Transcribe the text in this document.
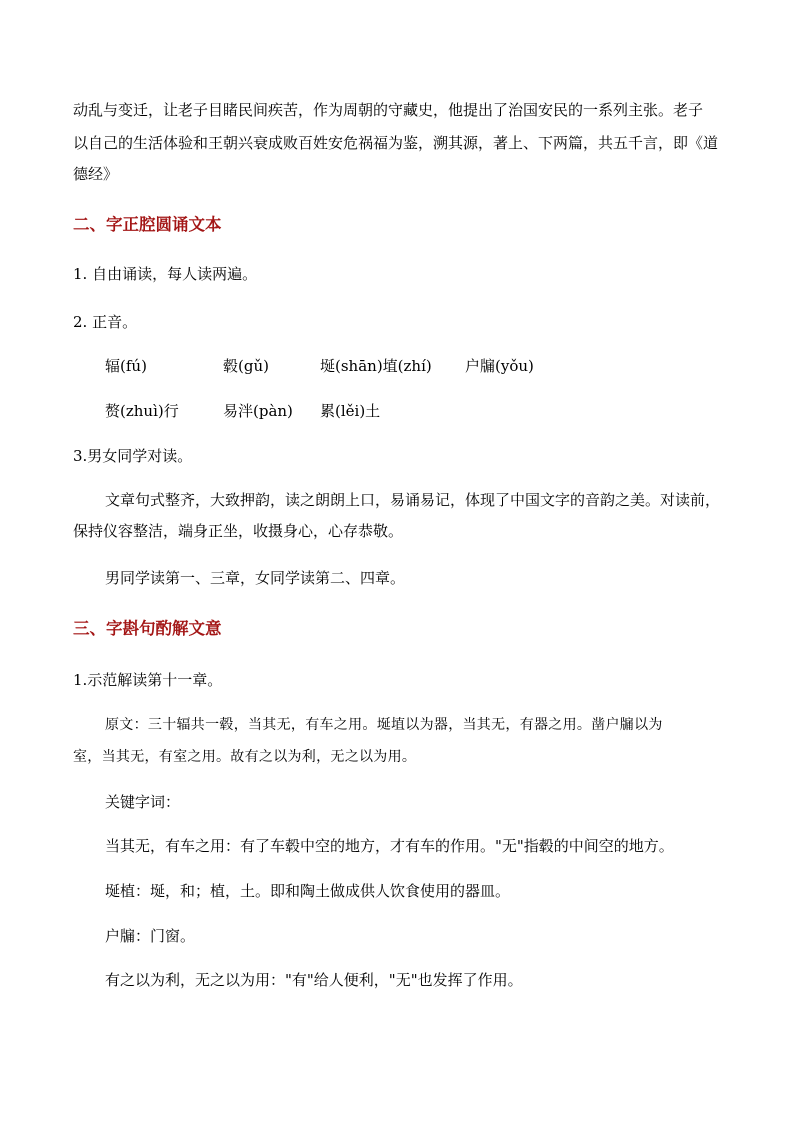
动乱与变迁，让老子目睹民间疾苦，作为周朝的守藏史，他提出了治国安民的一系列主张。老子
以自己的生活体验和王朝兴衰成败百姓安危祸福为鉴，溯其源，著上、下两篇，共五千言，即《道
德经》
二、字正腔圆诵文本
1. 自由诵读，每人读两遍。
2. 正音。
辐(fú)	毂(gǔ)	埏(shān)埴(zhí) 户牖(yǒu)
赘(zhuì)行	易泮(pàn) 累(lěi)土
3.男女同学对读。
文章句式整齐，大致押韵，读之朗朗上口，易诵易记，体现了中国文字的音韵之美。对读前，
保持仪容整洁，端身正坐，收摄身心，心存恭敬。
男同学读第一、三章，女同学读第二、四章。
三、字斟句酌解文意
1.示范解读第十一章。
原文：三十辐共一毂，当其无，有车之用。埏埴以为器，当其无，有器之用。凿户牖以为
室，当其无，有室之用。故有之以为利，无之以为用。
关键字词：
当其无，有车之用：有了车毂中空的地方，才有车的作用。"无"指毂的中间空的地方。
埏植：埏，和；植，土。即和陶土做成供人饮食使用的器皿。
户牖：门窗。
有之以为利，无之以为用："有"给人便利，"无"也发挥了作用。
